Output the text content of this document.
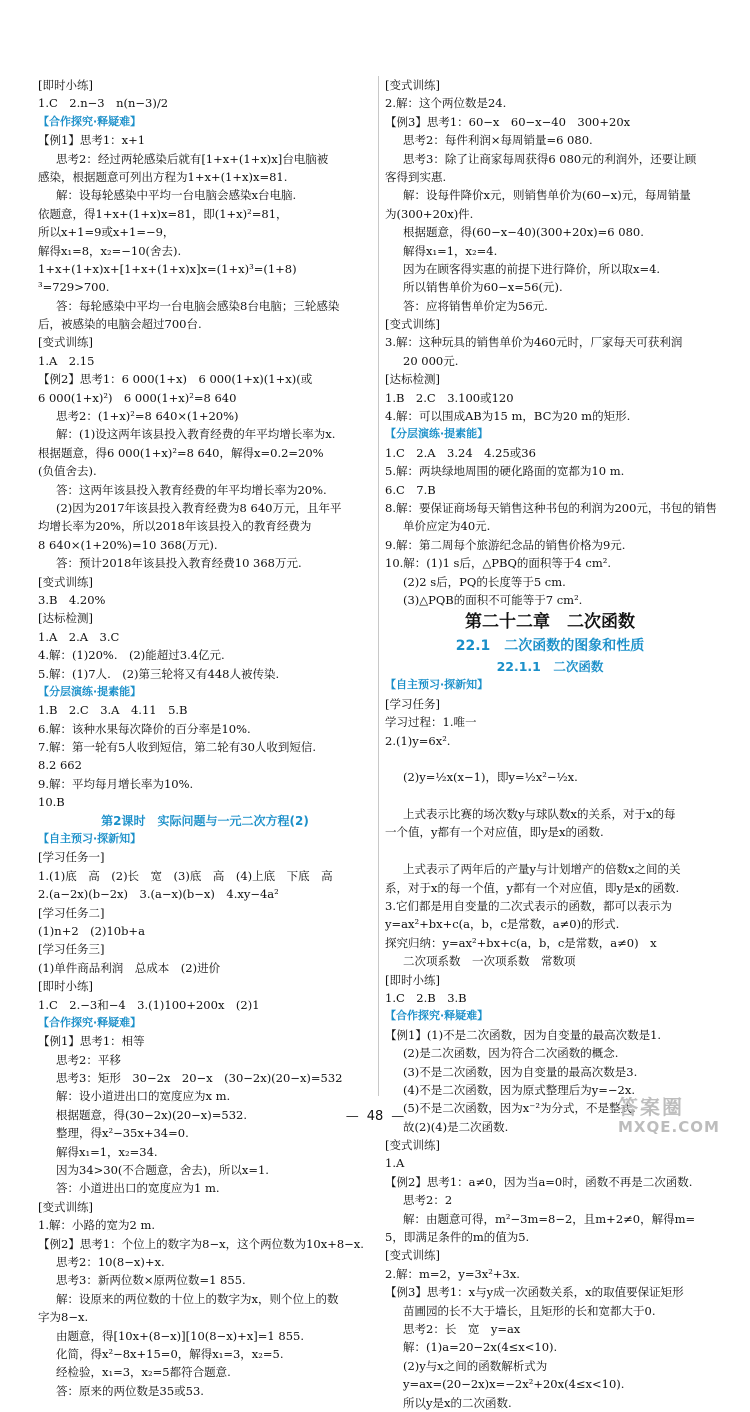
[即时小练]
1.C　2.n−3　n(n−3)/2
【合作探究·释疑难】
【例1】思考1：x+1
思考2：经过两轮感染后就有[1+x+(1+x)x]台电脑被
感染，根据题意可列出方程为1+x+(1+x)x=81.
解：设每轮感染中平均一台电脑会感染x台电脑.
依题意，得1+x+(1+x)x=81，即(1+x)²=81，
所以x+1=9或x+1=−9，
解得x₁=8，x₂=−10(舍去).
1+x+(1+x)x+[1+x+(1+x)x]x=(1+x)³=(1+8)
³=729>700.
答：每轮感染中平均一台电脑会感染8台电脑；三轮感染
后，被感染的电脑会超过700台.
[变式训练]
1.A　2.15
【例2】思考1：6 000(1+x)　6 000(1+x)(1+x)(或
6 000(1+x)²)　6 000(1+x)²=8 640
思考2：(1+x)²=8 640×(1+20%)
解：(1)设这两年该县投入教育经费的年平均增长率为x.
根据题意，得6 000(1+x)²=8 640，解得x=0.2=20%
(负值舍去).
答：这两年该县投入教育经费的年平均增长率为20%.
(2)因为2017年该县投入教育经费为8 640万元，且年平
均增长率为20%，所以2018年该县投入的教育经费为
8 640×(1+20%)=10 368(万元).
答：预计2018年该县投入教育经费10 368万元.
[变式训练]
3.B　4.20%
[达标检测]
1.A　2.A　3.C
4.解：(1)20%.　(2)能超过3.4亿元.
5.解：(1)7人.　(2)第三轮将又有448人被传染.
【分层演练·提素能】
1.B　2.C　3.A　4.11　5.B
6.解：该种水果每次降价的百分率是10%.
7.解：第一轮有5人收到短信，第二轮有30人收到短信.
8.2 662
9.解：平均每月增长率为10%.
10.B
第2课时　实际问题与一元二次方程(2)
【自主预习·探新知】
[学习任务一]
1.(1)底　高　(2)长　宽　(3)底　高　(4)上底　下底　高
2.(a−2x)(b−2x)　3.(a−x)(b−x)　4.xy−4a²
[学习任务二]
(1)n+2　(2)10b+a
[学习任务三]
(1)单件商品利润　总成本　(2)进价
[即时小练]
1.C　2.−3和−4　3.(1)100+200x　(2)1
【合作探究·释疑难】
【例1】思考1：相等
思考2：平移
思考3：矩形　30−2x　20−x　(30−2x)(20−x)=532
解：设小道进出口的宽度应为x m.
根据题意，得(30−2x)(20−x)=532.
整理，得x²−35x+34=0.
解得x₁=1，x₂=34.
因为34>30(不合题意，舍去)，所以x=1.
答：小道进出口的宽度应为1 m.
[变式训练]
1.解：小路的宽为2 m.
【例2】思考1：个位上的数字为8−x，这个两位数为10x+8−x.
思考2：10(8−x)+x.
思考3：新两位数×原两位数=1 855.
解：设原来的两位数的十位上的数字为x，则个位上的数
字为8−x.
由题意，得[10x+(8−x)][10(8−x)+x]=1 855.
化简，得x²−8x+15=0，解得x₁=3，x₂=5.
经检验，x₁=3，x₂=5都符合题意.
答：原来的两位数是35或53.
[变式训练]
2.解：这个两位数是24.
【例3】思考1：60−x　60−x−40　300+20x
思考2：每件利润×每周销量=6 080.
思考3：除了让商家每周获得6 080元的利润外，还要让顾
客得到实惠.
解：设每件降价x元，则销售单价为(60−x)元，每周销量
为(300+20x)件.
根据题意，得(60−x−40)(300+20x)=6 080.
解得x₁=1，x₂=4.
因为在顾客得实惠的前提下进行降价，所以取x=4.
所以销售单价为60−x=56(元).
答：应将销售单价定为56元.
[变式训练]
3.解：这种玩具的销售单价为460元时，厂家每天可获利润
20 000元.
[达标检测]
1.B　2.C　3.100或120
4.解：可以围成AB为15 m，BC为20 m的矩形.
【分层演练·提素能】
1.C　2.A　3.24　4.25或36
5.解：两块绿地周围的硬化路面的宽都为10 m.
6.C　7.B
8.解：要保证商场每天销售这种书包的利润为200元，书包的销售
单价应定为40元.
9.解：第二周每个旅游纪念品的销售价格为9元.
10.解：(1)1 s后，△PBQ的面积等于4 cm².
(2)2 s后，PQ的长度等于5 cm.
(3)△PQB的面积不可能等于7 cm².
第二十二章　二次函数
22.1　二次函数的图象和性质
22.1.1　二次函数
【自主预习·探新知】
[学习任务]
学习过程：1.唯一
2.(1)y=6x².
(2)y=½x(x−1)，即y=½x²−½x.
上式表示比赛的场次数y与球队数x的关系，对于x的每
一个值，y都有一个对应值，即y是x的函数.
上式表示了两年后的产量y与计划增产的倍数x之间的关
系，对于x的每一个值，y都有一个对应值，即y是x的函数.
3.它们都是用自变量的二次式表示的函数，都可以表示为
y=ax²+bx+c(a，b，c是常数，a≠0)的形式.
探究归纳：y=ax²+bx+c(a，b，c是常数，a≠0)　x
二次项系数　一次项系数　常数项
[即时小练]
1.C　2.B　3.B
【合作探究·释疑难】
【例1】(1)不是二次函数，因为自变量的最高次数是1.
(2)是二次函数，因为符合二次函数的概念.
(3)不是二次函数，因为自变量的最高次数是3.
(4)不是二次函数，因为原式整理后为y=−2x.
(5)不是二次函数，因为x⁻²为分式，不是整式.
故(2)(4)是二次函数.
[变式训练]
1.A
【例2】思考1：a≠0，因为当a=0时，函数不再是二次函数.
思考2：2
解：由题意可得，m²−3m=8−2，且m+2≠0，解得m=
5，即满足条件的m的值为5.
[变式训练]
2.解：m=2，y=3x²+3x.
【例3】思考1：x与y成一次函数关系，x的取值要保证矩形
苗圃园的长不大于墙长，且矩形的长和宽都大于0.
思考2：长　宽　y=ax
解：(1)a=20−2x(4≤x<10).
(2)y与x之间的函数解析式为
y=ax=(20−2x)x=−2x²+20x(4≤x<10).
所以y是x的二次函数.
— 48 —	答案圈
MXQE.COM
